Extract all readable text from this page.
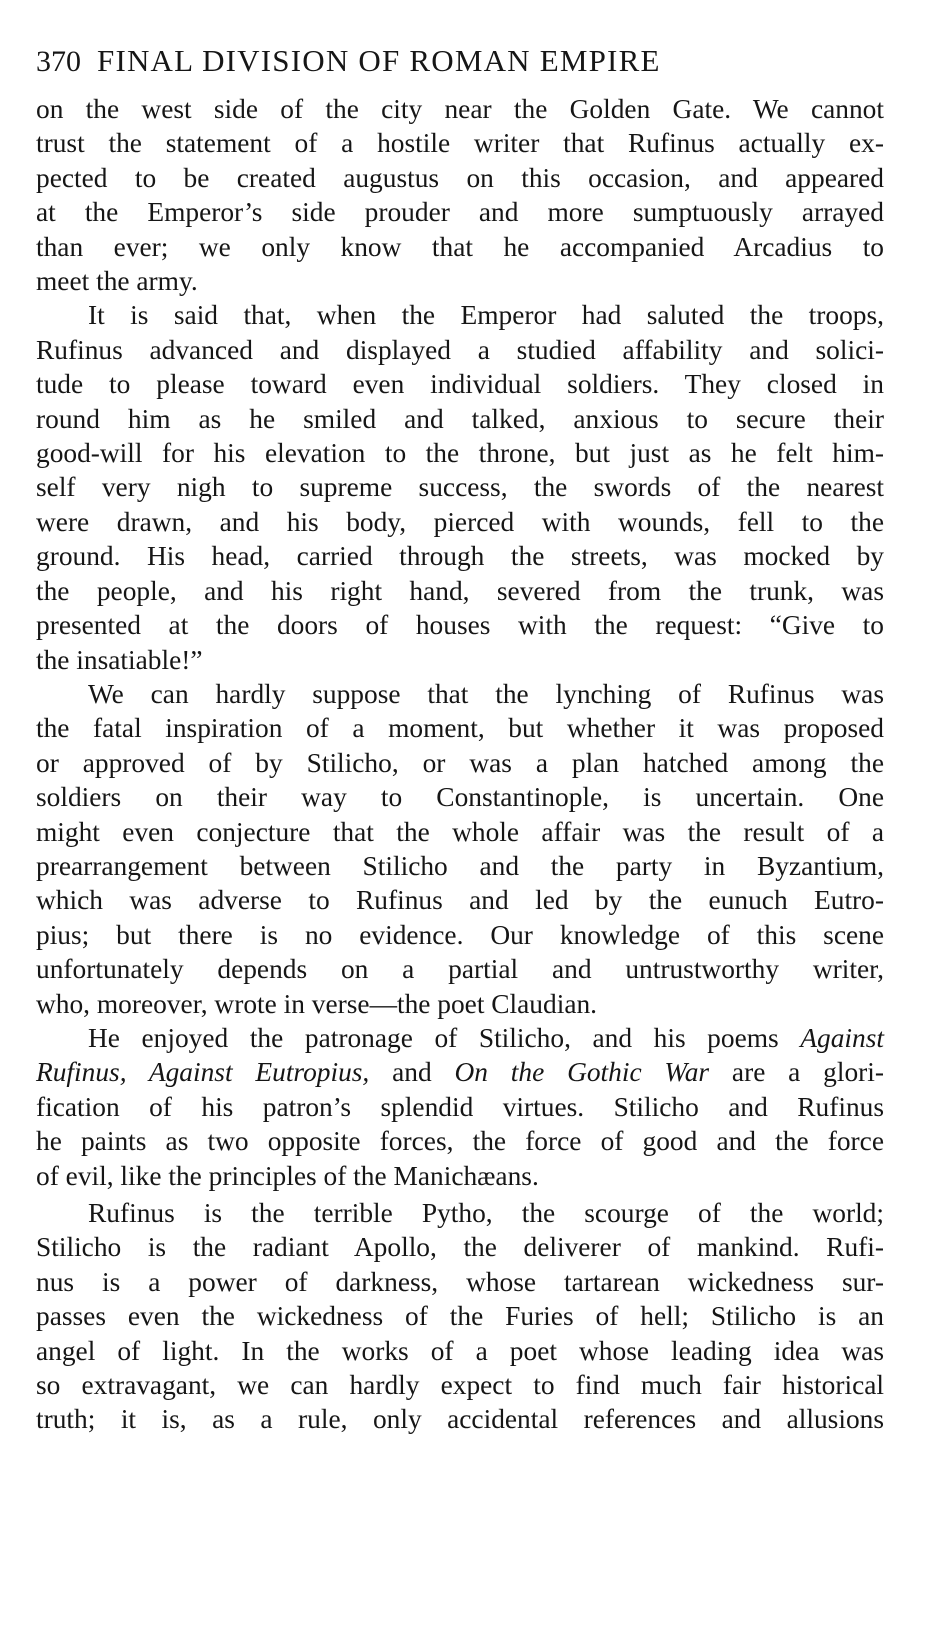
370 FINAL DIVISION OF ROMAN EMPIRE

on the west side of the city near the Golden Gate. We cannot
trust the statement of a hostile writer that Rufinus actually ex-
pected to be created augustus on this occasion, and appeared
at the Emperor’s side prouder and more sumptuously arrayed
than ever; we only know that he accompanied Arcadius to
meet the army.

It is said that, when the Emperor had saluted the troops,
Rufinus advanced and displayed a studied affability and solici-
tude to please toward even individual soldiers. They closed in
round him as he smiled and talked, anxious to secure their
good-will for his elevation to the throne, but just as he felt him-
self very nigh to supreme success, the swords of the nearest
were drawn, and his body, pierced with wounds, fell to the
ground. His head, carried through the streets, was mocked by
the people, and his right hand, severed from the trunk, was
presented at the doors of houses with the request: “Give to
the insatiable!”

We can hardly suppose that the lynching of Rufinus was
the fatal inspiration of a moment, but whether it was proposed
or approved of by Stilicho, or was a plan hatched among the
soldiers on their way to Constantinople, is uncertain. One
might even conjecture that the whole affair was the result of a
prearrangement between Stilicho and the party in Byzantium,
which was adverse to Rufinus and led by the eunuch Eutro-
pius; but there is no evidence. Our knowledge of this scene
unfortunately depends on a partial and untrustworthy writer,
who, moreover, wrote in verse—the poet Claudian.

He enjoyed the patronage of Stilicho, and his poems Against
Rufinus, Against Eutropius, and On the Gothic War are a glori-
fication of his patron’s splendid virtues. Stilicho and Rufinus
he paints as two opposite forces, the force of good and the force
of evil, like the principles of the Manichæans.

Rufinus is the terrible Pytho, the scourge of the world;
Stilicho is the radiant Apollo, the deliverer of mankind. Rufi-
nus is a power of darkness, whose tartarean wickedness sur-
passes even the wickedness of the Furies of hell; Stilicho is an
angel of light. In the works of a poet whose leading idea was
so extravagant, we can hardly expect to find much fair historical
truth; it is, as a rule, only accidental references and allusions
